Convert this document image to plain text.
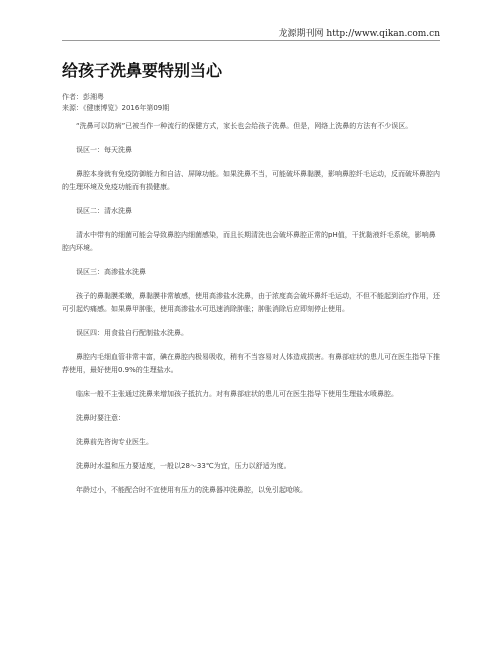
龙源期刊网 http://www.qikan.com.cn
给孩子洗鼻要特别当心
作者：彭湘粤
来源：《健康博览》2016年第09期

“洗鼻可以防病”已被当作一种流行的保健方式，家长也会给孩子洗鼻。但是，网络上洗鼻的方法有不少误区。

误区一：每天洗鼻

鼻腔本身就有免疫防御能力和自洁、屏障功能。如果洗鼻不当，可能破坏鼻黏膜，影响鼻腔纤毛运动，反而破坏鼻腔内的生理环境及免疫功能而有损健康。

误区二：清水洗鼻

清水中带有的细菌可能会导致鼻腔内细菌感染，而且长期清洗也会破坏鼻腔正常的pH值，干扰黏液纤毛系统，影响鼻腔内环境。

误区三：高渗盐水洗鼻

孩子的鼻黏膜柔嫩，鼻黏膜非常敏感，使用高渗盐水洗鼻，由于浓度高会破坏鼻纤毛运动，不但不能起到治疗作用，还可引起灼痛感。如果鼻甲肿胀，使用高渗盐水可迅速消除肿胀；肿胀消除后应即刻停止使用。

误区四：用食盐自行配制盐水洗鼻。

鼻腔内毛细血管非常丰富，碘在鼻腔内极易吸收，稍有不当容易对人体造成损害。有鼻部症状的患儿可在医生指导下推荐使用，最好使用0.9%的生理盐水。

临床一般不主张通过洗鼻来增加孩子抵抗力。对有鼻部症状的患儿可在医生指导下使用生理盐水喷鼻腔。

洗鼻时要注意：
洗鼻前先咨询专业医生。
洗鼻时水温和压力要适度，一般以28～33℃为宜，压力以舒适为度。
年龄过小，不能配合时不宜使用有压力的洗鼻器冲洗鼻腔，以免引起呛咳。
